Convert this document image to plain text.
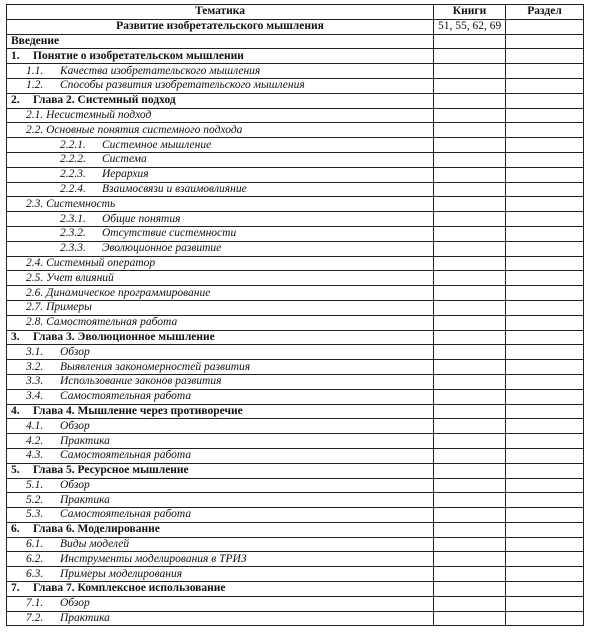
Тематика	Книги	Раздел
Развитие изобретательского мышления	51, 55, 62, 69	
Введение		
1. Понятие о изобретательском мышлении		
1.1. Качества изобретательского мышления		
1.2. Способы развития изобретательского мышления		
2. Глава 2. Системный подход		
2.1. Несистемный подход		
2.2. Основные понятия системного подхода		
2.2.1. Системное мышление		
2.2.2. Система		
2.2.3. Иерархия		
2.2.4. Взаимосвязи и взаимовлияние		
2.3. Системность		
2.3.1. Общие понятия		
2.3.2. Отсутствие системности		
2.3.3. Эволюционное развитие		
2.4. Системный оператор		
2.5. Учет влияний		
2.6. Динамическое программирование		
2.7. Примеры		
2.8. Самостоятельная работа		
3. Глава 3. Эволюционное мышление		
3.1. Обзор		
3.2. Выявления закономерностей развития		
3.3. Использование законов развития		
3.4. Самостоятельная работа		
4. Глава 4. Мышление через противоречие		
4.1. Обзор		
4.2. Практика		
4.3. Самостоятельная работа		
5. Глава 5. Ресурсное мышление		
5.1. Обзор		
5.2. Практика		
5.3. Самостоятельная работа		
6. Глава 6. Моделирование		
6.1. Виды моделей		
6.2. Инструменты моделирования в ТРИЗ		
6.3. Примеры моделирования		
7. Глава 7. Комплексное использование		
7.1. Обзор		
7.2. Практика		
